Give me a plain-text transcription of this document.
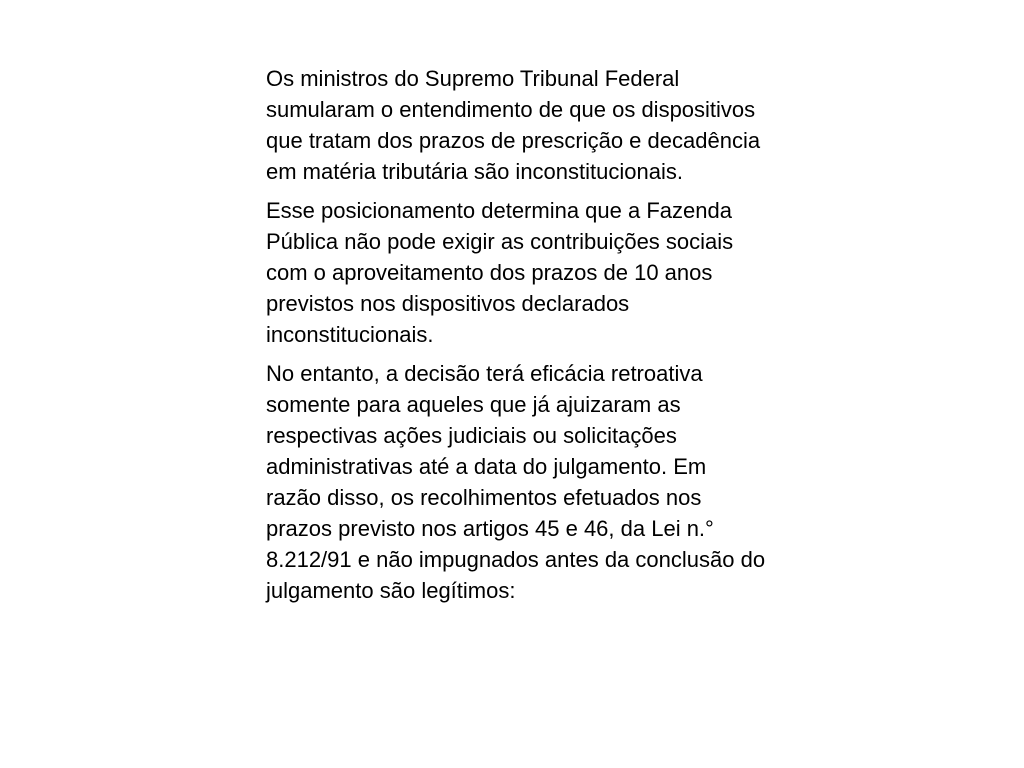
Os ministros do Supremo Tribunal Federal sumularam o entendimento de que os dispositivos que tratam dos prazos de prescrição e decadência em matéria tributária são inconstitucionais.

Esse posicionamento determina que a Fazenda Pública não pode exigir as contribuições sociais com o aproveitamento dos prazos de 10 anos previstos nos dispositivos declarados inconstitucionais.

No entanto, a decisão terá eficácia retroativa somente para aqueles que já ajuizaram as respectivas ações judiciais ou solicitações administrativas até a data do julgamento. Em razão disso, os recolhimentos efetuados nos prazos previsto nos artigos 45 e 46, da Lei n.° 8.212/91 e não impugnados antes da conclusão do julgamento são legítimos:
